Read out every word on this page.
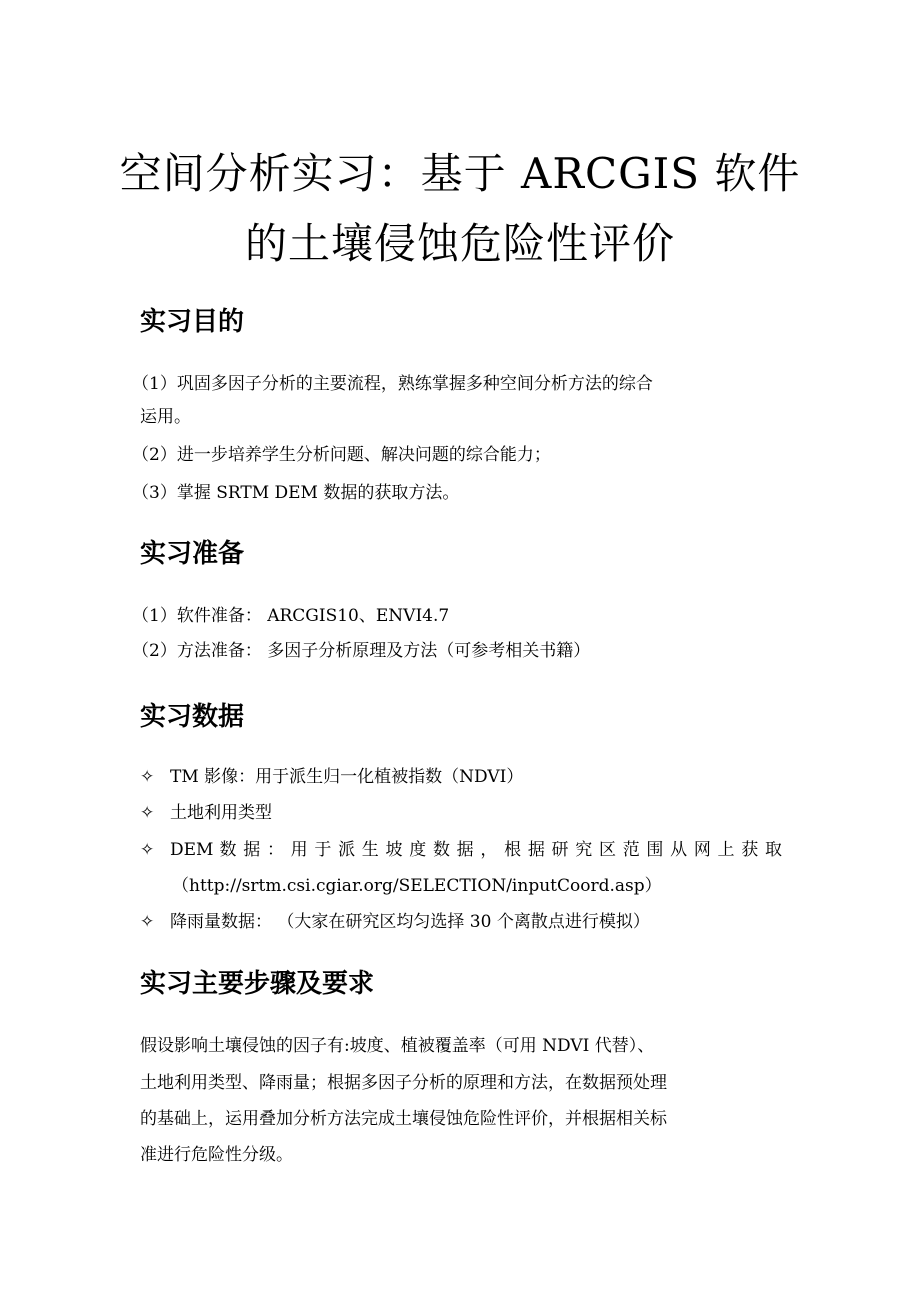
空间分析实习：基于 ARCGIS 软件
的土壤侵蚀危险性评价
实习目的
（1）巩固多因子分析的主要流程，熟练掌握多种空间分析方法的综合
运用。
（2）进一步培养学生分析问题、解决问题的综合能力；
（3）掌握 SRTM DEM 数据的获取方法。
实习准备
（1）软件准备： ARCGIS10、ENVI4.7
（2）方法准备： 多因子分析原理及方法（可参考相关书籍）
实习数据
✧ TM 影像：用于派生归一化植被指数（NDVI）
✧ 土地利用类型
✧ DEM 数 据 ： 用 于 派 生 坡 度 数 据 ， 根 据 研 究 区 范 围 从 网 上 获 取
（http://srtm.csi.cgiar.org/SELECTION/inputCoord.asp）
✧ 降雨量数据： （大家在研究区均匀选择 30 个离散点进行模拟）
实习主要步骤及要求
假设影响土壤侵蚀的因子有:坡度、植被覆盖率（可用 NDVI 代替）、
土地利用类型、降雨量；根据多因子分析的原理和方法，在数据预处理
的基础上，运用叠加分析方法完成土壤侵蚀危险性评价，并根据相关标
准进行危险性分级。
